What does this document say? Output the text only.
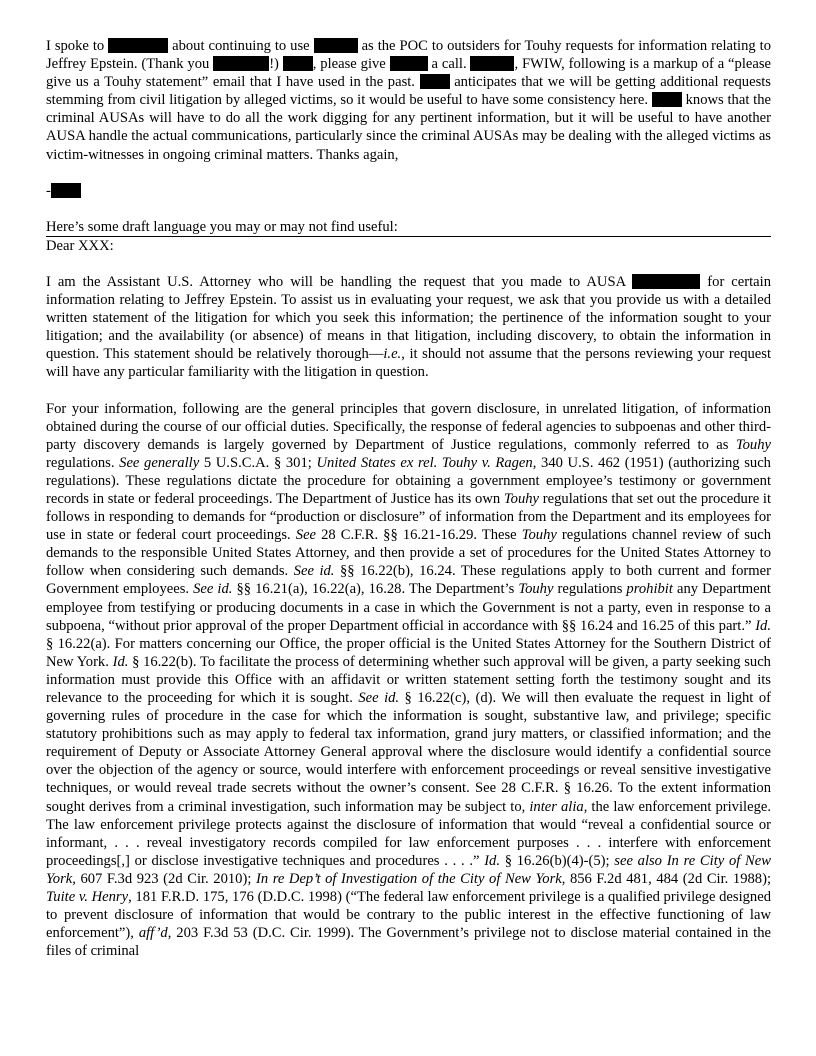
I spoke to	about continuing to use	as the POC to outsiders for Touhy requests for information relating to Jeffrey Epstein. (Thank you	!) , please give	a call.	, FWIW, following is a markup of a “please give us a Touhy statement” email that I have used in the past.	anticipates that we will be getting additional requests stemming from civil litigation by alleged victims, so it would be useful to have some consistency here.	knows that the criminal AUSAs will have to do all the work digging for any pertinent information, but it will be useful to have another AUSA handle the actual communications, particularly since the criminal AUSAs may be dealing with the alleged victims as victim-witnesses in ongoing criminal matters. Thanks again,

-

Here’s some draft language you may or may not find useful:

Dear XXX:

I am the Assistant U.S. Attorney who will be handling the request that you made to AUSA	for certain information relating to Jeffrey Epstein. To assist us in evaluating your request, we ask that you provide us with a detailed written statement of the litigation for which you seek this information; the pertinence of the information sought to your litigation; and the availability (or absence) of means in that litigation, including discovery, to obtain the information in question. This statement should be relatively thorough—i.e., it should not assume that the persons reviewing your request will have any particular familiarity with the litigation in question.

For your information, following are the general principles that govern disclosure, in unrelated litigation, of information obtained during the course of our official duties. Specifically, the response of federal agencies to subpoenas and other third-party discovery demands is largely governed by Department of Justice regulations, commonly referred to as Touhy regulations. See generally 5 U.S.C.A. § 301; United States ex rel. Touhy v. Ragen, 340 U.S. 462 (1951) (authorizing such regulations). These regulations dictate the procedure for obtaining a government employee’s testimony or government records in state or federal proceedings. The Department of Justice has its own Touhy regulations that set out the procedure it follows in responding to demands for “production or disclosure” of information from the Department and its employees for use in state or federal court proceedings. See 28 C.F.R. §§ 16.21-16.29. These Touhy regulations channel review of such demands to the responsible United States Attorney, and then provide a set of procedures for the United States Attorney to follow when considering such demands. See id. §§ 16.22(b), 16.24. These regulations apply to both current and former Government employees. See id. §§ 16.21(a), 16.22(a), 16.28. The Department’s Touhy regulations prohibit any Department employee from testifying or producing documents in a case in which the Government is not a party, even in response to a subpoena, “without prior approval of the proper Department official in accordance with §§ 16.24 and 16.25 of this part.” Id. § 16.22(a). For matters concerning our Office, the proper official is the United States Attorney for the Southern District of New York. Id. § 16.22(b). To facilitate the process of determining whether such approval will be given, a party seeking such information must provide this Office with an affidavit or written statement setting forth the testimony sought and its relevance to the proceeding for which it is sought. See id. § 16.22(c), (d). We will then evaluate the request in light of governing rules of procedure in the case for which the information is sought, substantive law, and privilege; specific statutory prohibitions such as may apply to federal tax information, grand jury matters, or classified information; and the requirement of Deputy or Associate Attorney General approval where the disclosure would identify a confidential source over the objection of the agency or source, would interfere with enforcement proceedings or reveal sensitive investigative techniques, or would reveal trade secrets without the owner’s consent. See 28 C.F.R. § 16.26. To the extent information sought derives from a criminal investigation, such information may be subject to, inter alia, the law enforcement privilege. The law enforcement privilege protects against the disclosure of information that would “reveal a confidential source or informant, . . . reveal investigatory records compiled for law enforcement purposes . . . interfere with enforcement proceedings[,] or disclose investigative techniques and procedures . . . .” Id. § 16.26(b)(4)-(5); see also In re City of New York, 607 F.3d 923 (2d Cir. 2010); In re Dep’t of Investigation of the City of New York, 856 F.2d 481, 484 (2d Cir. 1988); Tuite v. Henry, 181 F.R.D. 175, 176 (D.D.C. 1998) (“The federal law enforcement privilege is a qualified privilege designed to prevent disclosure of information that would be contrary to the public interest in the effective functioning of law enforcement”), aff’d, 203 F.3d 53 (D.C. Cir. 1999). The Government’s privilege not to disclose material contained in the files of criminal
